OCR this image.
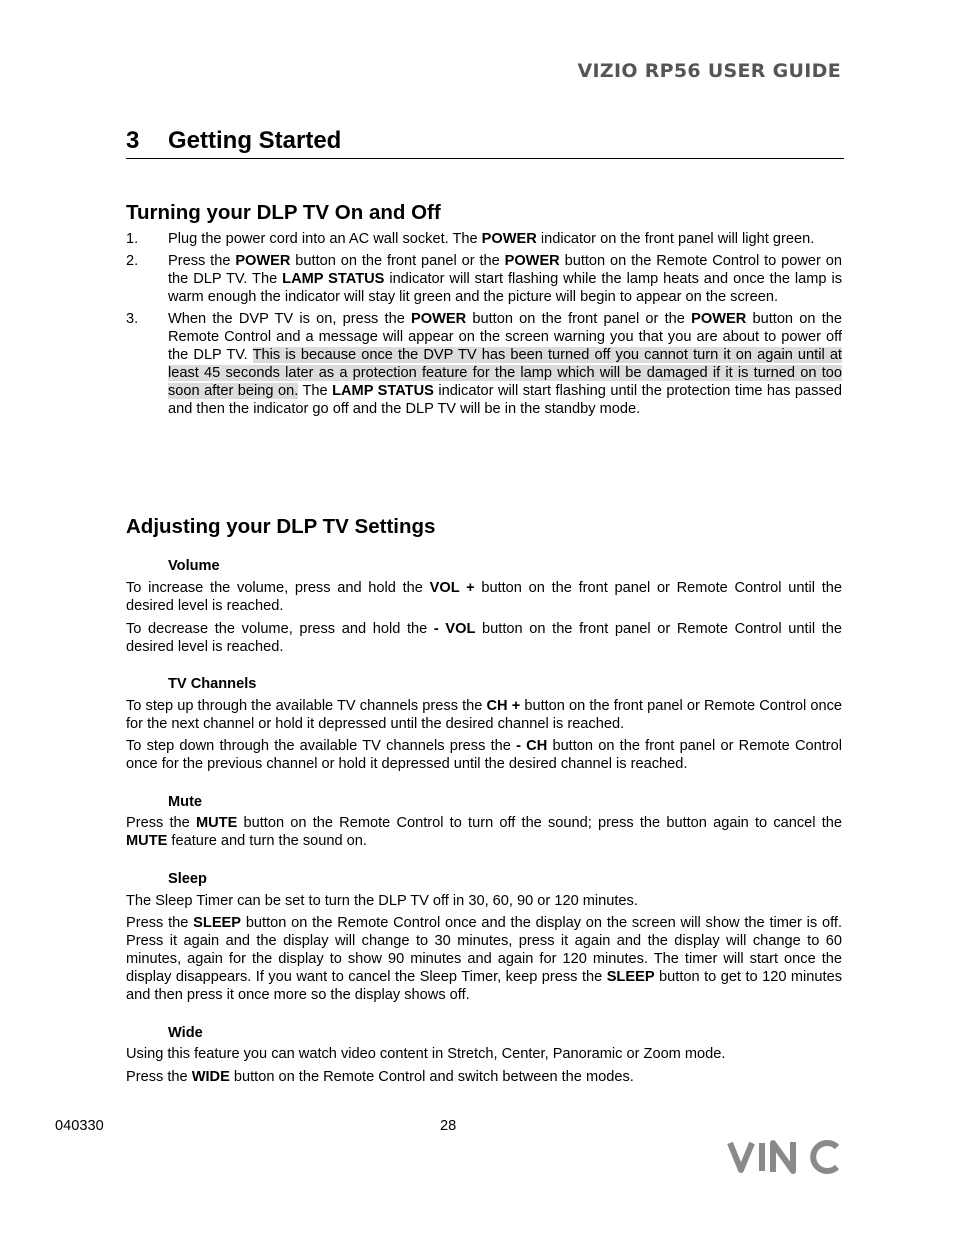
VIZIO RP56 USER GUIDE
3 Getting Started
Turning your DLP TV On and Off
1. Plug the power cord into an AC wall socket. The POWER indicator on the front panel will light green.
2. Press the POWER button on the front panel or the POWER button on the Remote Control to power on the DLP TV. The LAMP STATUS indicator will start flashing while the lamp heats and once the lamp is warm enough the indicator will stay lit green and the picture will begin to appear on the screen.
3. When the DVP TV is on, press the POWER button on the front panel or the POWER button on the Remote Control and a message will appear on the screen warning you that you are about to power off the DLP TV. This is because once the DVP TV has been turned off you cannot turn it on again until at least 45 seconds later as a protection feature for the lamp which will be damaged if it is turned on too soon after being on. The LAMP STATUS indicator will start flashing until the protection time has passed and then the indicator go off and the DLP TV will be in the standby mode.
Adjusting your DLP TV Settings
Volume

To increase the volume, press and hold the VOL + button on the front panel or Remote Control until the desired level is reached.

To decrease the volume, press and hold the - VOL button on the front panel or Remote Control until the desired level is reached.

TV Channels

To step up through the available TV channels press the CH + button on the front panel or Remote Control once for the next channel or hold it depressed until the desired channel is reached.

To step down through the available TV channels press the - CH button on the front panel or Remote Control once for the previous channel or hold it depressed until the desired channel is reached.

Mute

Press the MUTE button on the Remote Control to turn off the sound; press the button again to cancel the MUTE feature and turn the sound on.

Sleep

The Sleep Timer can be set to turn the DLP TV off in 30, 60, 90 or 120 minutes.

Press the SLEEP button on the Remote Control once and the display on the screen will show the timer is off. Press it again and the display will change to 30 minutes, press it again and the display will change to 60 minutes, again for the display to show 90 minutes and again for 120 minutes. The timer will start once the display disappears. If you want to cancel the Sleep Timer, keep press the SLEEP button to get to 120 minutes and then press it once more so the display shows off.

Wide

Using this feature you can watch video content in Stretch, Center, Panoramic or Zoom mode.

Press the WIDE button on the Remote Control and switch between the modes.

040330	28
